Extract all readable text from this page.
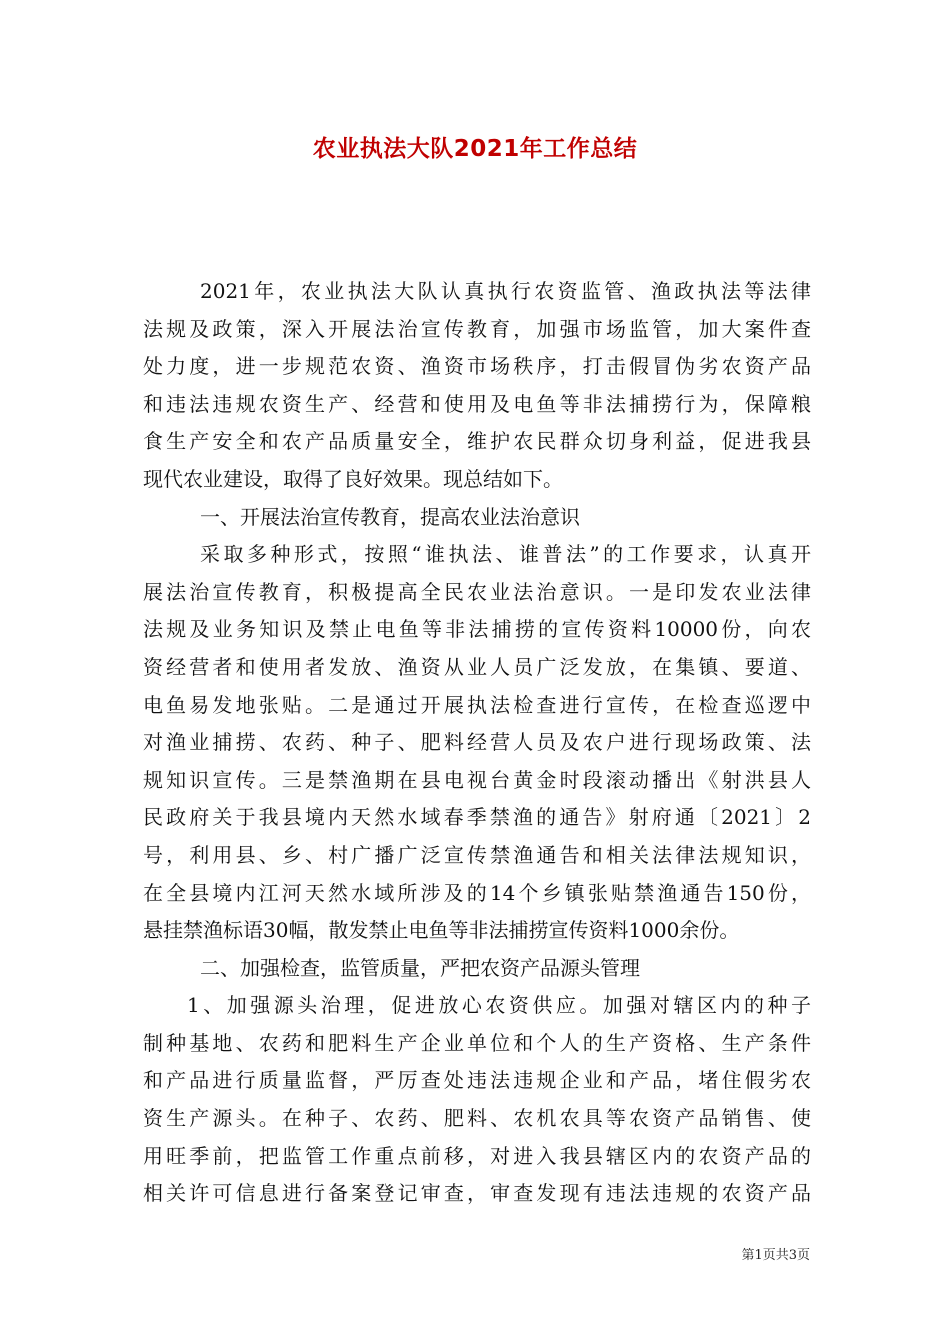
农业执法大队2021年工作总结
2021年，农业执法大队认真执行农资监管、渔政执法等法律
法规及政策，深入开展法治宣传教育，加强市场监管，加大案件查
处力度，进一步规范农资、渔资市场秩序，打击假冒伪劣农资产品
和违法违规农资生产、经营和使用及电鱼等非法捕捞行为，保障粮
食生产安全和农产品质量安全，维护农民群众切身利益，促进我县
现代农业建设，取得了良好效果。现总结如下。
一、开展法治宣传教育，提高农业法治意识
采取多种形式，按照“谁执法、谁普法”的工作要求，认真开
展法治宣传教育，积极提高全民农业法治意识。一是印发农业法律
法规及业务知识及禁止电鱼等非法捕捞的宣传资料10000份，向农
资经营者和使用者发放、渔资从业人员广泛发放，在集镇、要道、
电鱼易发地张贴。二是通过开展执法检查进行宣传，在检查巡逻中
对渔业捕捞、农药、种子、肥料经营人员及农户进行现场政策、法
规知识宣传。三是禁渔期在县电视台黄金时段滚动播出《射洪县人
民政府关于我县境内天然水域春季禁渔的通告》射府通〔2021〕2
号，利用县、乡、村广播广泛宣传禁渔通告和相关法律法规知识，
在全县境内江河天然水域所涉及的14个乡镇张贴禁渔通告150份，
悬挂禁渔标语30幅，散发禁止电鱼等非法捕捞宣传资料1000余份。
二、加强检查，监管质量，严把农资产品源头管理
1、加强源头治理，促进放心农资供应。加强对辖区内的种子
制种基地、农药和肥料生产企业单位和个人的生产资格、生产条件
和产品进行质量监督，严厉查处违法违规企业和产品，堵住假劣农
资生产源头。在种子、农药、肥料、农机农具等农资产品销售、使
用旺季前，把监管工作重点前移，对进入我县辖区内的农资产品的
相关许可信息进行备案登记审查，审查发现有违法违规的农资产品
第1页共3页
